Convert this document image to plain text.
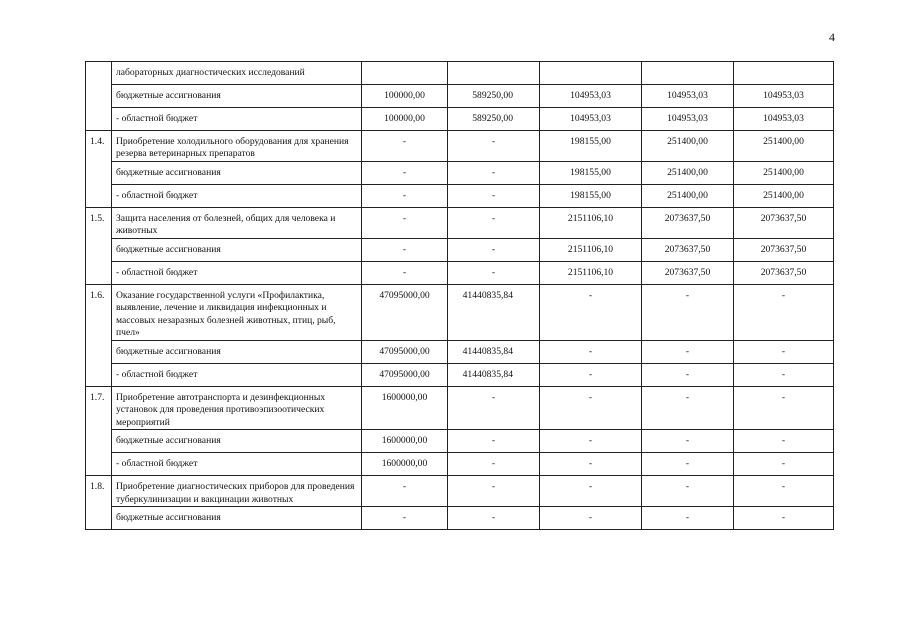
4
	лабораторных диагностических исследований					
	бюджетные ассигнования	100000,00	589250,00	104953,03	104953,03	104953,03
	- областной бюджет	100000,00	589250,00	104953,03	104953,03	104953,03
1.4.	Приобретение холодильного оборудования для хранения резерва ветеринарных препаратов	-	-	198155,00	251400,00	251400,00
	бюджетные ассигнования	-	-	198155,00	251400,00	251400,00
	- областной бюджет	-	-	198155,00	251400,00	251400,00
1.5.	Защита населения от болезней, общих для человека и животных	-	-	2151106,10	2073637,50	2073637,50
	бюджетные ассигнования	-	-	2151106,10	2073637,50	2073637,50
	- областной бюджет	-	-	2151106,10	2073637,50	2073637,50
1.6.	Оказание государственной услуги «Профилактика, выявление, лечение и ликвидация инфекционных и массовых незаразных болезней животных, птиц, рыб, пчел»	47095000,00	41440835,84	-	-	-
	бюджетные ассигнования	47095000,00	41440835,84	-	-	-
	- областной бюджет	47095000,00	41440835,84	-	-	-
1.7.	Приобретение автотранспорта и дезинфекционных установок для проведения противоэпизоотических мероприятий	1600000,00	-	-	-	-
	бюджетные ассигнования	1600000,00	-	-	-	-
	- областной бюджет	1600000,00	-	-	-	-
1.8.	Приобретение диагностических приборов для проведения туберкулинизации и вакцинации животных	-	-	-	-	-
	бюджетные ассигнования	-	-	-	-	-
